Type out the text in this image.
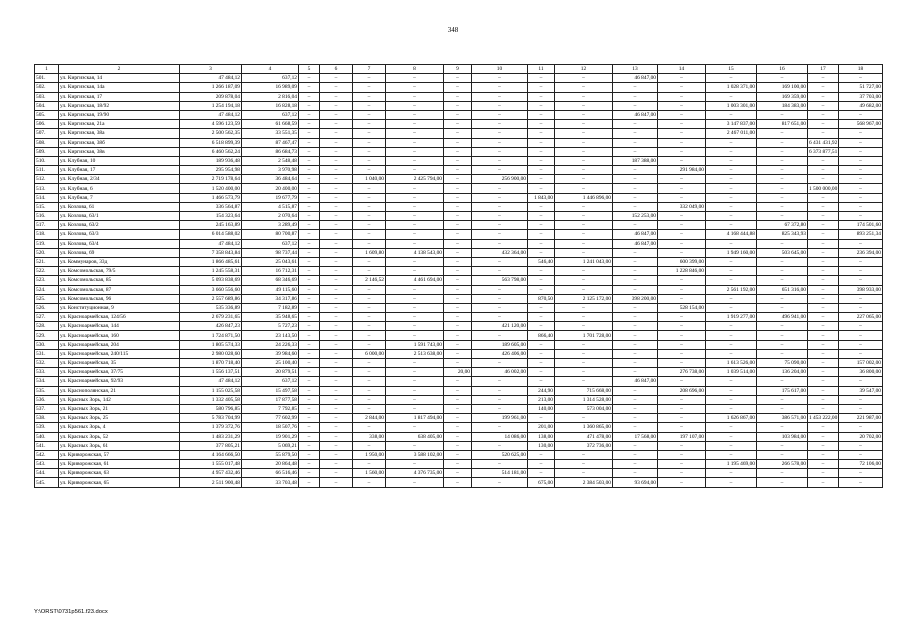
348
1	2	3	4	5	6	7	8	9	10	11	12	13	14	15	16	17	18
501.	ул. Киргизская, 14	47 484,12	637,12	–	–	–	–	–	–	–	–	46 847,00	–	–	–	–	–
502.	ул. Киргизская, 14а	1 266 187,09	16 989,09	–	–	–	–	–	–	–	–	–	–	1 028 371,00	169 100,00	–	51 727,00
503.	ул. Киргизская, 17	209 878,04	2 816,04	–	–	–	–	–	–	–	–	–	–	–	169 359,00	–	37 703,00
504.	ул. Киргизская, 18/92	1 254 194,18	16 828,18	–	–	–	–	–	–	–	–	–	–	1 003 301,00	184 383,00	–	49 682,00
505.	ул. Киргизская, 19/90	47 484,12	637,12	–	–	–	–	–	–	–	–	46 847,00	–	–	–	–	–
506.	ул. Киргизская, 21а	4 596 123,59	61 668,59	–	–	–	–	–	–	–	–	–	–	3 147 837,00	817 651,00	–	568 967,00
507.	ул. Киргизская, 38а	2 500 562,35	33 551,35	–	–	–	–	–	–	–	–	–	–	2 467 011,00	–	–	–
508.	ул. Киргизская, 38б	6 518 899,39	87 467,47	–	–	–	–	–	–	–	–	–	–	–	–	6 431 431,92	–
509.	ул. Киргизская, 38в	6 460 562,24	86 684,73	–	–	–	–	–	–	–	–	–	–	–	–	6 373 877,51	–
510.	ул. Клубная, 10	189 936,48	2 548,48	–	–	–	–	–	–	–	–	187 388,00	–	–	–	–	–
511.	ул. Клубная, 17	295 954,98	3 970,98	–	–	–	–	–	–	–	–	–	291 984,00	–	–	–	–
512.	ул. Клубная, 2/34	2 719 178,64	36 484,64	–	–	1 040,00	2 425 794,00	–	256 900,00	–	–	–	–	–	–	–	–
513.	ул. Клубная, 6	1 520 400,00	20 400,00	–	–	–	–	–	–	–	–	–	–	–	–	1 500 000,00	–
514.	ул. Клубная, 7	1 466 573,79	19 677,79	–	–	–	–	–	–	1 843,00	1 446 896,00	–	–	–	–	–	–
515.	ул. Козлова, 61	336 564,87	4 515,87	–	–	–	–	–	–	–	–	–	332 049,00	–	–	–	–
516.	ул. Козлова, 63/1	154 323,64	2 070,64	–	–	–	–	–	–	–	–	152 253,00	–	–	–	–	–
517.	ул. Козлова, 63/2	245 163,89	3 289,49	–	–	–	–	–	–	–	–	–	–	–	67 372,80	–	174 501,60
518.	ул. Козлова, 63/3	6 014 588,02	80 700,87	–	–	–	–	–	–	–	–	46 847,00	–	4 168 444,88	825 343,93	–	893 251,34
519.	ул. Козлова, 63/4	47 484,12	637,12	–	–	–	–	–	–	–	–	46 847,00	–	–	–	–	–
520.	ул. Козлова, 69	7 358 843,84	98 737,44	–	–	1 609,80	4 138 543,00	–	432 364,00	–	–	–	–	1 949 160,00	503 645,00	–	236 394,00
521.	ул. Коммунаров, 33д	1 866 485,61	25 043,61	–	–	–	–	–	–	546,40	1 241 043,00	–	600 399,00	–	–	–	–
522.	ул. Комсомольская, 79/5	1 245 558,31	16 712,31	–	–	–	–	–	–	–	–	–	1 228 846,00	–	–	–	–
523.	ул. Комсомольская, 85	5 093 838,69	68 346,69	–	–	2 146,52	4 461 694,00	–	563 798,00	–	–	–	–	–	–	–	–
524.	ул. Комсомольская, 87	3 660 556,60	49 115,60	–	–	–	–	–	–	–	–	–	–	2 561 192,00	651 316,00	–	398 933,00
525.	ул. Комсомольская, 96	2 557 689,86	34 317,86	–	–	–	–	–	–	870,50	2 125 172,00	398 200,00	–	–	–	–	–
526.	ул. Конституционная, 9	535 336,89	7 182,89	–	–	–	–	–	–	–	–	–	528 154,00	–	–	–	–
527.	ул. Красноармейская, 124/56	2 679 231,65	35 948,65	–	–	–	–	–	–	–	–	–	–	1 919 277,00	496 941,00	–	227 065,00
528.	ул. Красноармейская, 144	426 847,23	5 727,23	–	–	–	–	–	421 120,00	–	–	–	–	–	–	–	–
529.	ул. Красноармейская, 160	1 724 871,50	23 143,50	–	–	–	–	–	–	866,40	1 701 728,00	–	–	–	–	–	–
530.	ул. Красноармейская, 204	1 805 574,33	24 226,33	–	–	–	1 591 743,00	–	189 605,00	–	–	–	–	–	–	–	–
531.	ул. Красноармейская, 240/115	2 980 028,60	39 984,60	–	–	6 000,00	2 513 638,00	–	426 406,00	–	–	–	–	–	–	–	–
532.	ул. Красноармейская, 35	1 870 718,40	25 100,40	–	–	–	–	–	–	–	–	–	–	1 613 526,00	75 090,00	–	157 002,00
533.	ул. Красноармейская, 37/75	1 556 137,51	20 879,51	–	–	–	–	20,00	46 002,00	–	–	–	276 738,00	1 039 514,00	136 204,00	–	36 800,00
534.	ул. Красноармейская, 92/93	47 484,12	637,12	–	–	–	–	–	–	–	–	46 847,00	–	–	–	–	–
535.	ул. Краснополянская, 21	1 155 025,58	15 497,58	–	–	–	–	–	–	244,90	715 668,00	–	208 696,00	–	175 617,00	–	39 547,00
536.	ул. Красных Зорь, 142	1 332 405,58	17 877,58	–	–	–	–	–	–	213,00	1 314 528,00	–	–	–	–	–	–
537.	ул. Красных Зорь, 21	580 796,85	7 792,85	–	–	–	–	–	–	140,00	573 004,00	–	–	–	–	–	–
538.	ул. Красных Зорь, 25	5 783 704,99	77 602,99	–	–	2 844,00	1 817 494,00	–	199 961,00	–	–	–	–	1 626 867,00	386 571,00	1 453 222,00	221 987,00
539.	ул. Красных Зорь, 4	1 379 372,76	18 507,76	–	–	–	–	–	–	201,00	1 360 865,00	–	–	–	–	–	–
540.	ул. Красных Зорь, 52	1 483 231,29	19 901,29	–	–	338,00	638 405,00	–	14 086,00	138,00	471 478,00	17 568,00	197 107,00	–	103 984,00	–	20 702,00
541.	ул. Красных Зорь, 61	377 805,21	5 069,21	–	–	–	–	–	–	130,00	372 736,00	–	–	–	–	–	–
542.	ул. Криворожская, 57	4 164 666,50	55 879,50	–	–	1 950,00	3 588 102,00	–	520 625,00	–	–	–	–	–	–	–	–
543.	ул. Криворожская, 61	1 555 017,48	20 864,48	–	–	–	–	–	–	–	–	–	–	1 195 469,00	266 578,00	–	72 106,00
544.	ул. Криворожская, 63	4 957 432,46	66 516,46	–	–	1 560,00	4 376 735,00	–	514 181,00	–	–	–	–	–	–	–	–
545.	ул. Криворожская, 65	2 511 900,48	33 703,48	–	–	–	–	–	–	675,00	2 384 503,00	93 694,00	–	–	–	–	–
Y:\ORST\0731p561.f23.docx
